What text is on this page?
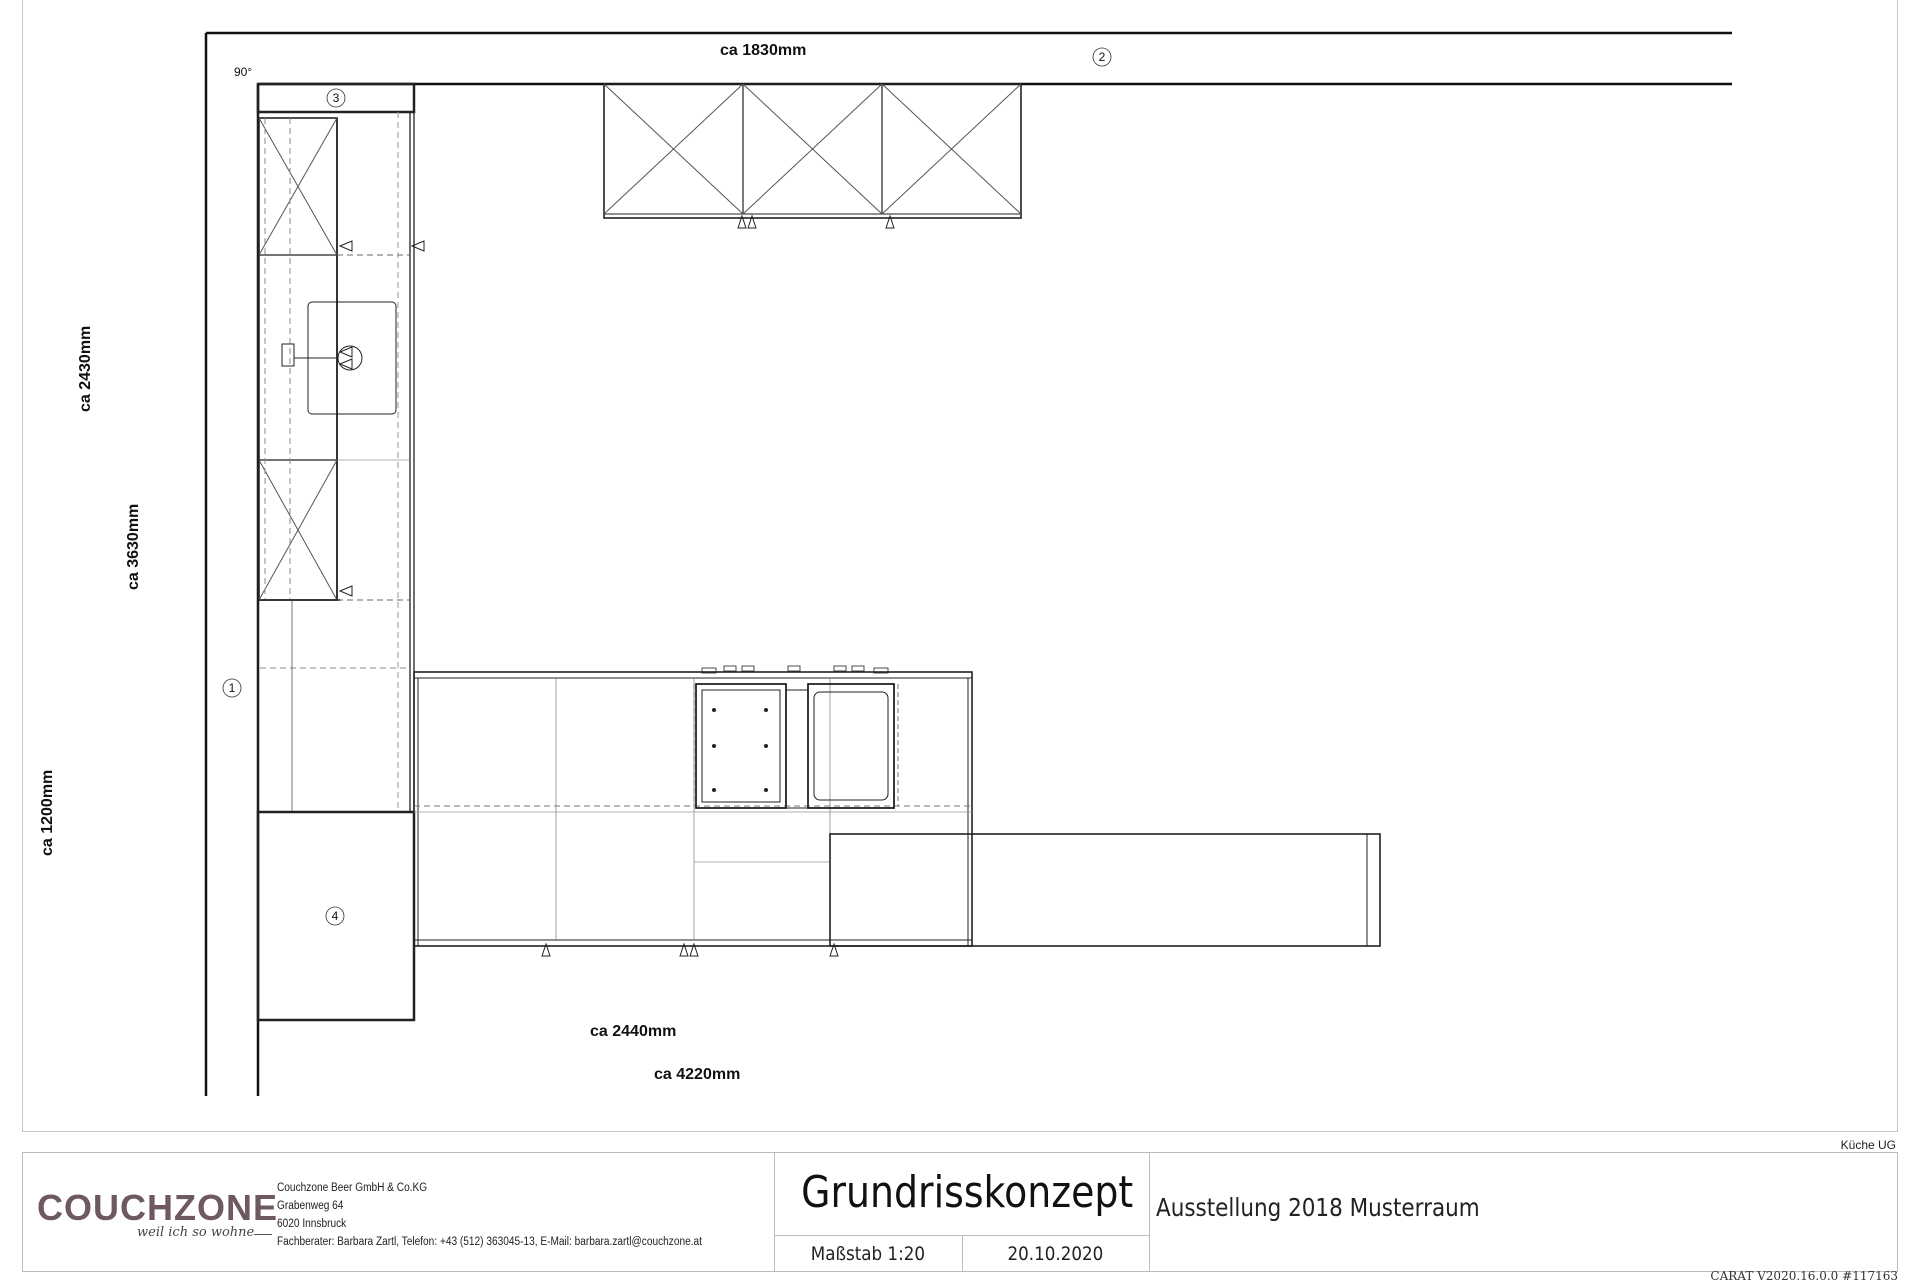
ca 1830mm
ca 3630mm
ca 2430mm
ca 1200mm
ca 2440mm
ca 4220mm
90°
1
2
3
4
Küche UG
COUCHZONE
weil ich so wohne
Couchzone Beer GmbH & Co.KG
Grabenweg 64
6020 Innsbruck
Fachberater: Barbara Zartl, Telefon: +43 (512) 363045-13, E-Mail: barbara.zartl@couchzone.at
Grundrisskonzept
Maßstab 1:20	20.10.2020
Ausstellung 2018 Musterraum
CARAT V2020.16.0.0 #117163
